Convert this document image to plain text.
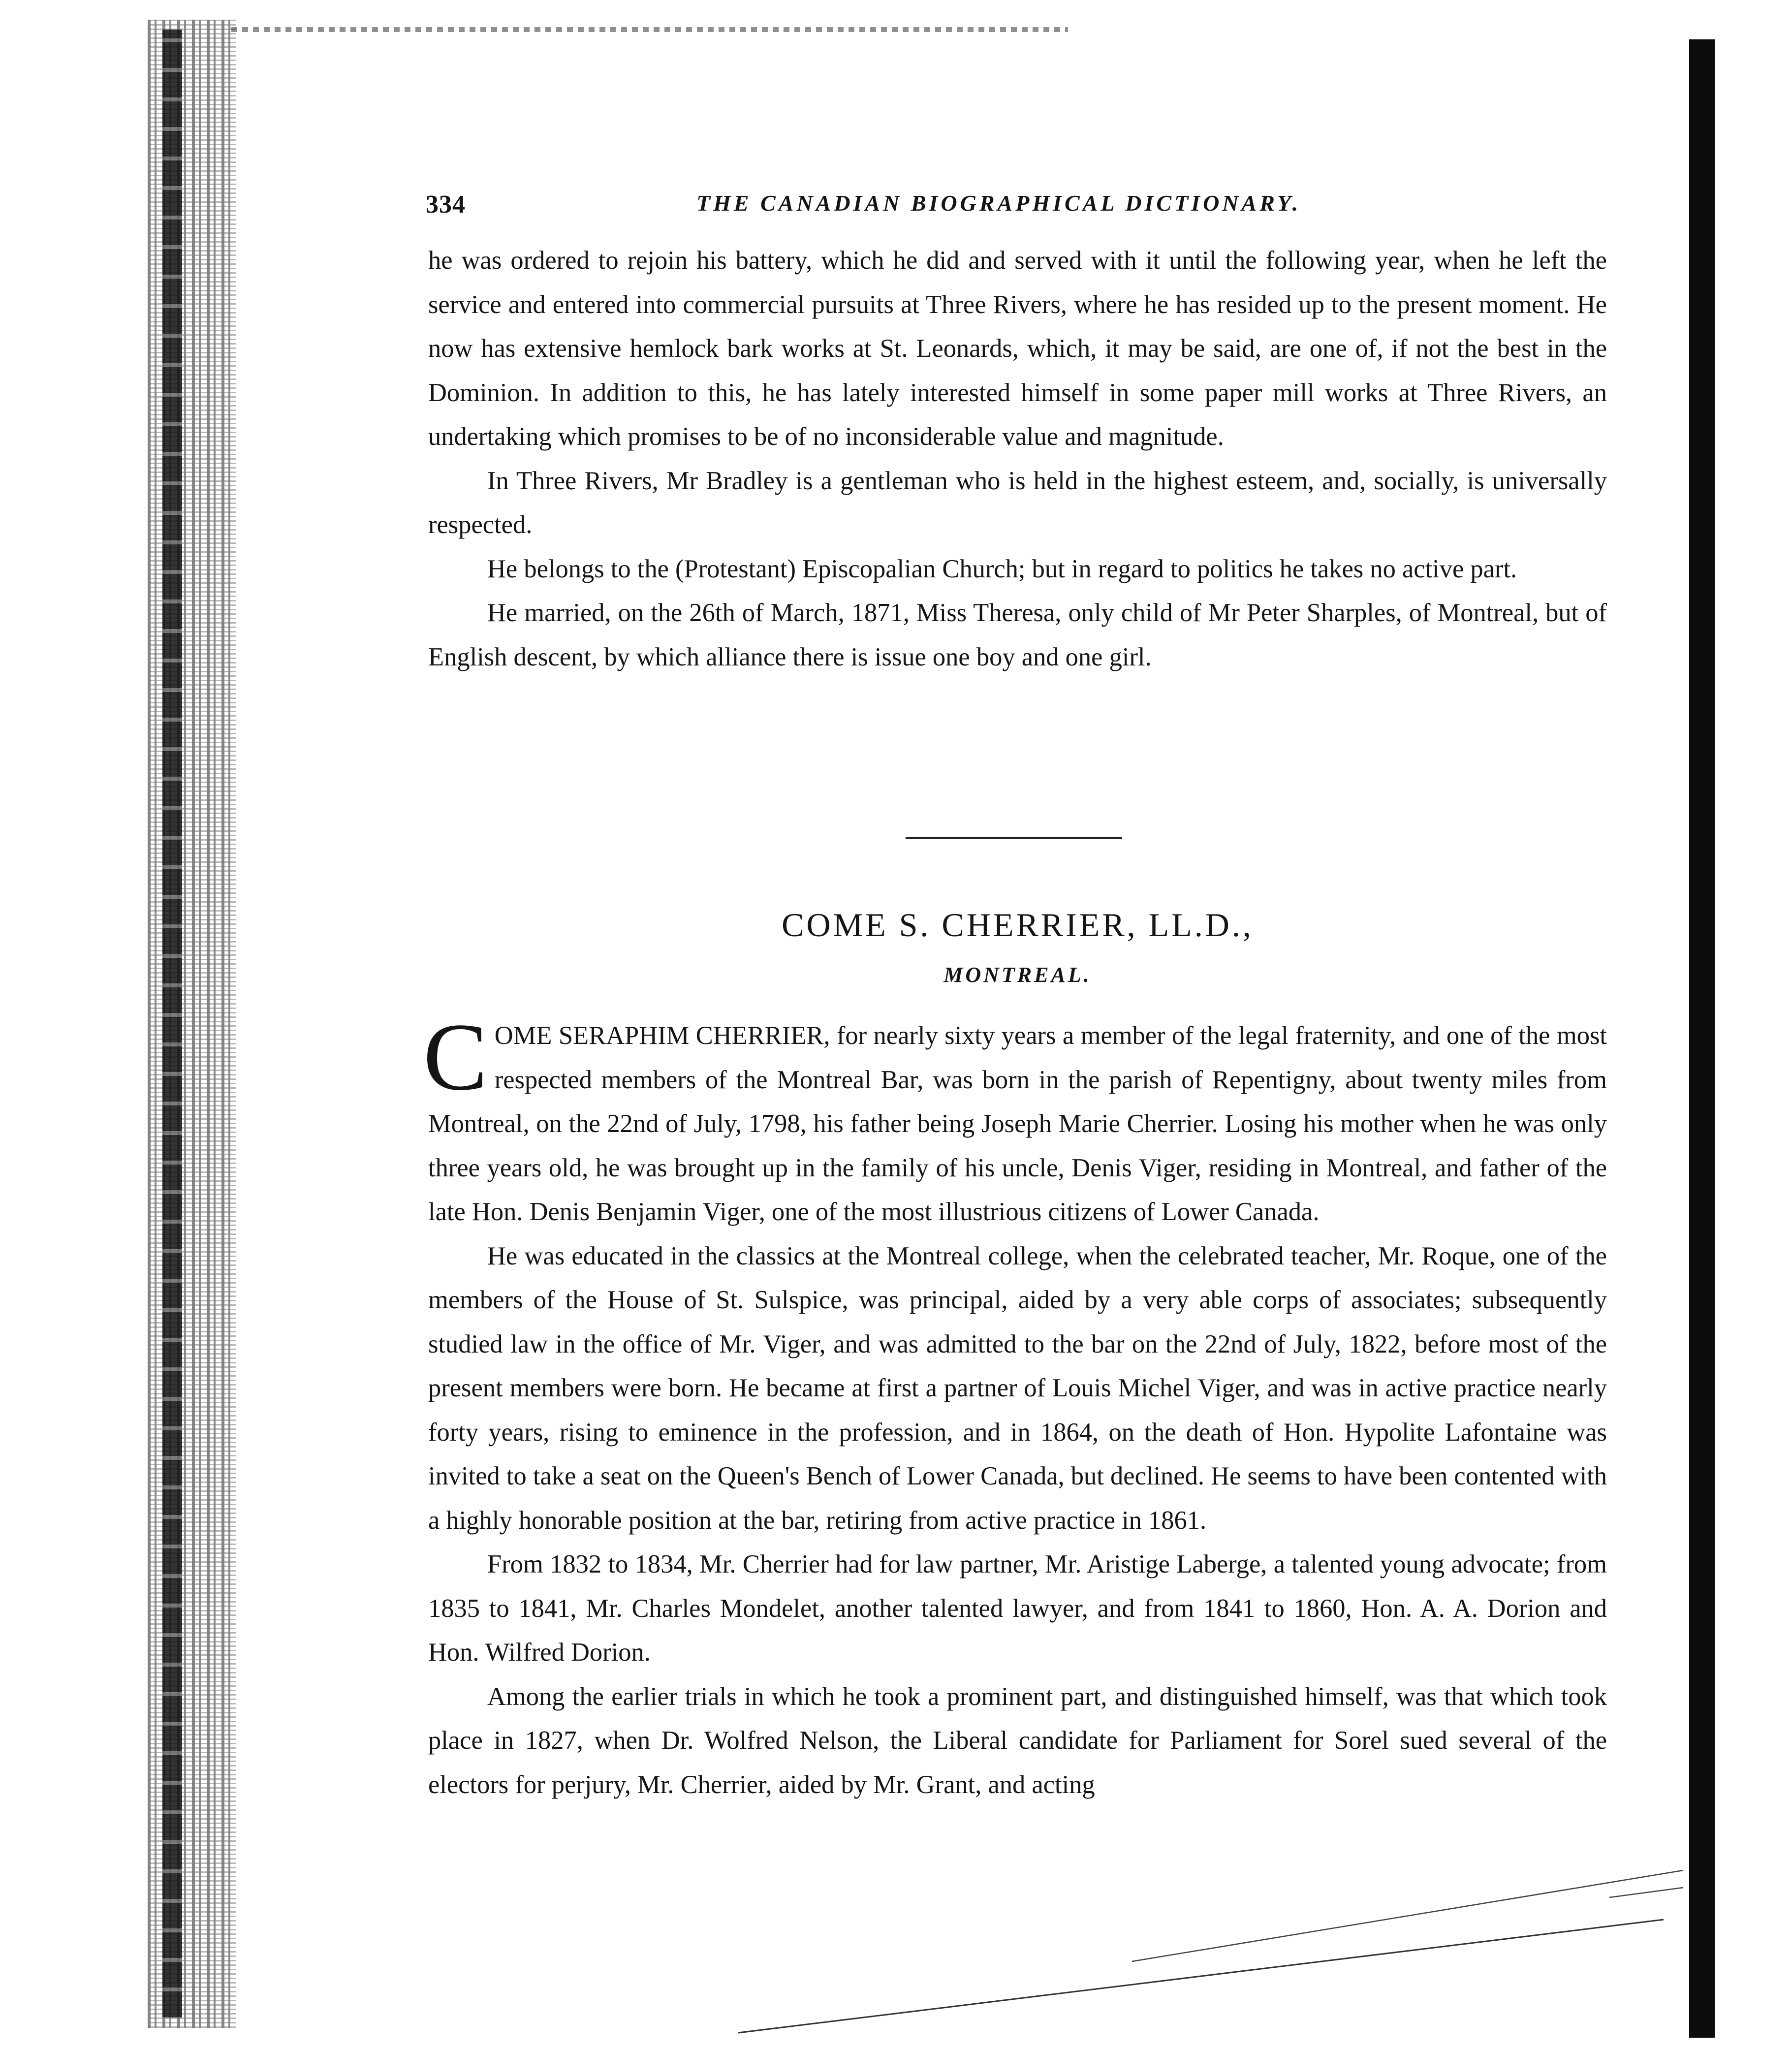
334	THE CANADIAN BIOGRAPHICAL DICTIONARY.

he was ordered to rejoin his battery, which he did and served with it until the following year, when he left the service and entered into commercial pursuits at Three Rivers, where he has resided up to the present moment. He now has extensive hemlock bark works at St. Leonards, which, it may be said, are one of, if not the best in the Dominion. In addition to this, he has lately interested himself in some paper mill works at Three Rivers, an undertaking which promises to be of no inconsiderable value and magnitude.

In Three Rivers, Mr Bradley is a gentleman who is held in the highest esteem, and, socially, is universally respected.

He belongs to the (Protestant) Episcopalian Church; but in regard to politics he takes no active part.

He married, on the 26th of March, 1871, Miss Theresa, only child of Mr Peter Sharples, of Montreal, but of English descent, by which alliance there is issue one boy and one girl.

COME S. CHERRIER, LL.D.,
MONTREAL.

COME SERAPHIM CHERRIER, for nearly sixty years a member of the legal fraternity, and one of the most respected members of the Montreal Bar, was born in the parish of Repentigny, about twenty miles from Montreal, on the 22nd of July, 1798, his father being Joseph Marie Cherrier. Losing his mother when he was only three years old, he was brought up in the family of his uncle, Denis Viger, residing in Montreal, and father of the late Hon. Denis Benjamin Viger, one of the most illustrious citizens of Lower Canada.

He was educated in the classics at the Montreal college, when the celebrated teacher, Mr. Roque, one of the members of the House of St. Sulspice, was principal, aided by a very able corps of associates; subsequently studied law in the office of Mr. Viger, and was admitted to the bar on the 22nd of July, 1822, before most of the present members were born. He became at first a partner of Louis Michel Viger, and was in active practice nearly forty years, rising to eminence in the profession, and in 1864, on the death of Hon. Hypolite Lafontaine was invited to take a seat on the Queen's Bench of Lower Canada, but declined. He seems to have been contented with a highly honorable position at the bar, retiring from active practice in 1861.

From 1832 to 1834, Mr. Cherrier had for law partner, Mr. Aristige Laberge, a talented young advocate; from 1835 to 1841, Mr. Charles Mondelet, another talented lawyer, and from 1841 to 1860, Hon. A. A. Dorion and Hon. Wilfred Dorion.

Among the earlier trials in which he took a prominent part, and distinguished himself, was that which took place in 1827, when Dr. Wolfred Nelson, the Liberal candidate for Parliament for Sorel sued several of the electors for perjury, Mr. Cherrier, aided by Mr. Grant, and acting
